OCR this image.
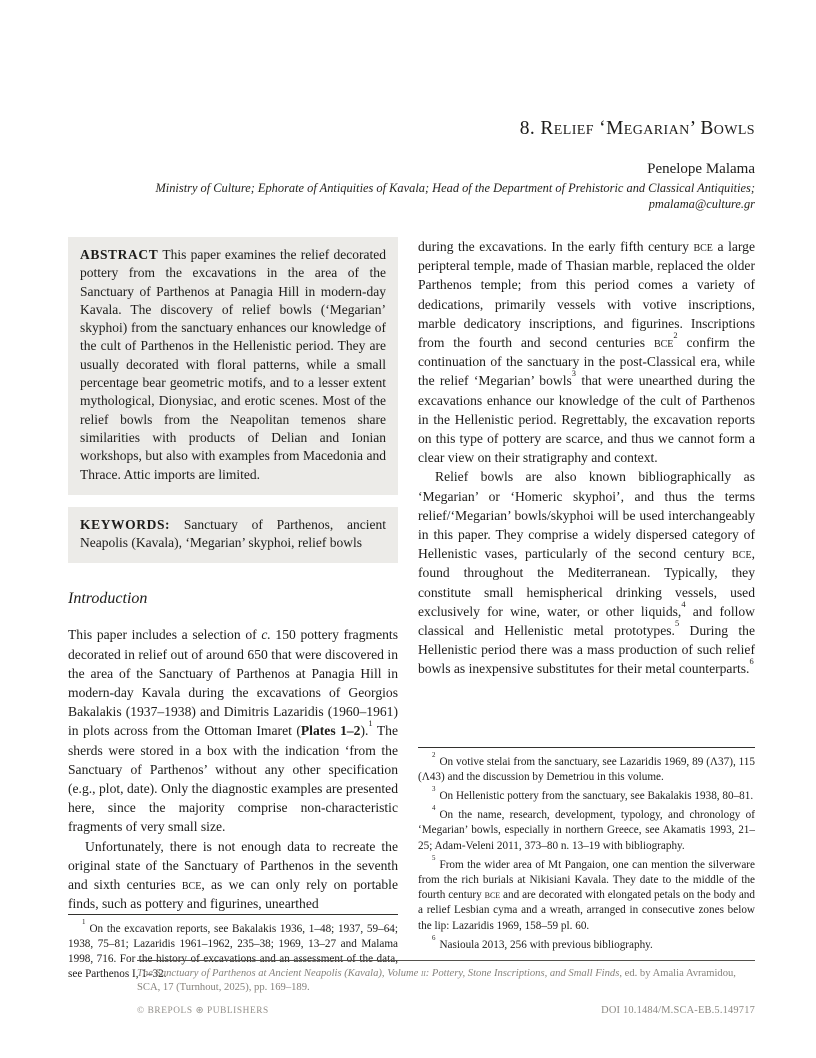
8. Relief ‘Megarian’ Bowls

Penelope Malama

Ministry of Culture; Ephorate of Antiquities of Kavala; Head of the Department of Prehistoric and Classical Antiquities; pmalama@culture.gr

ABSTRACT This paper examines the relief decorated pottery from the excavations in the area of the Sanctuary of Parthenos at Panagia Hill in modern-day Kavala. The discovery of relief bowls (‘Megarian’ skyphoi) from the sanctuary enhances our knowledge of the cult of Parthenos in the Hellenistic period. They are usually decorated with floral patterns, while a small percentage bear geometric motifs, and to a lesser extent mythological, Dionysiac, and erotic scenes. Most of the relief bowls from the Neapolitan temenos share similarities with products of Delian and Ionian workshops, but also with examples from Macedonia and Thrace. Attic imports are limited.
KEYWORDS: Sanctuary of Parthenos, ancient Neapolis (Kavala), ‘Megarian’ skyphoi, relief bowls
Introduction

This paper includes a selection of c. 150 pottery fragments decorated in relief out of around 650 that were discovered in the area of the Sanctuary of Parthenos at Panagia Hill in modern-day Kavala during the excavations of Georgios Bakalakis (1937–1938) and Dimitris Lazaridis (1960–1961) in plots across from the Ottoman Imaret (Plates 1–2).$^1$ The sherds were stored in a box with the indication ‘from the Sanctuary of Parthenos’ without any other specification (e.g., plot, date). Only the diagnostic examples are presented here, since the majority comprise non-characteristic fragments of very small size.

Unfortunately, there is not enough data to recreate the original state of the Sanctuary of Parthenos in the seventh and sixth centuries bce, as we can only rely on portable finds, such as pottery and figurines, unearthed

$^1$On the excavation reports, see Bakalakis 1936, 1–48; 1937, 59–64; 1938, 75–81; Lazaridis 1961–1962, 235–38; 1969, 13–27 and Malama 1998, 716. For the history of excavations and an assessment of the data, see Parthenos I, 1–32.

during the excavations. In the early fifth century bce a large peripteral temple, made of Thasian marble, replaced the older Parthenos temple; from this period comes a variety of dedications, primarily vessels with votive inscriptions, marble dedicatory inscriptions, and figurines. Inscriptions from the fourth and second centuries bce$^2$ confirm the continuation of the sanctuary in the post-Classical era, while the relief ‘Megarian’ bowls$^3$ that were unearthed during the excavations enhance our knowledge of the cult of Parthenos in the Hellenistic period. Regrettably, the excavation reports on this type of pottery are scarce, and thus we cannot form a clear view on their stratigraphy and context.

Relief bowls are also known bibliographically as ‘Megarian’ or ‘Homeric skyphoi’, and thus the terms relief/‘Megarian’ bowls/skyphoi will be used interchangeably in this paper. They comprise a widely dispersed category of Hellenistic vases, particularly of the second century bce, found throughout the Mediterranean. Typically, they constitute small hemispherical drinking vessels, used exclusively for wine, water, or other liquids,$^4$ and follow classical and Hellenistic metal prototypes.$^5$ During the Hellenistic period there was a mass production of such relief bowls as inexpensive substitutes for their metal counterparts.$^6$

$^2$On votive stelai from the sanctuary, see Lazaridis 1969, 89 (Λ37), 115 (Λ43) and the discussion by Demetriou in this volume.

$^3$On Hellenistic pottery from the sanctuary, see Bakalakis 1938, 80–81.

$^4$On the name, research, development, typology, and chronology of ‘Megarian’ bowls, especially in northern Greece, see Akamatis 1993, 21–25; Adam-Veleni 2011, 373–80 n. 13–19 with bibliography.

$^5$From the wider area of Mt Pangaion, one can mention the silverware from the rich burials at Nikisiani Kavala. They date to the middle of the fourth century bce and are decorated with elongated petals on the body and a relief Lesbian cyma and a wreath, arranged in consecutive zones below the lip: Lazaridis 1969, 158–59 pl. 60.

$^6$Nasioula 2013, 256 with previous bibliography.

The Sanctuary of Parthenos at Ancient Neapolis (Kavala), Volume ii: Pottery, Stone Inscriptions, and Small Finds, ed. by Amalia Avramidou, SCA, 17 (Turnhout, 2025), pp. 169–189.

© BREPOLS ⊛ PUBLISHERS	DOI 10.1484/M.SCA-EB.5.149717
